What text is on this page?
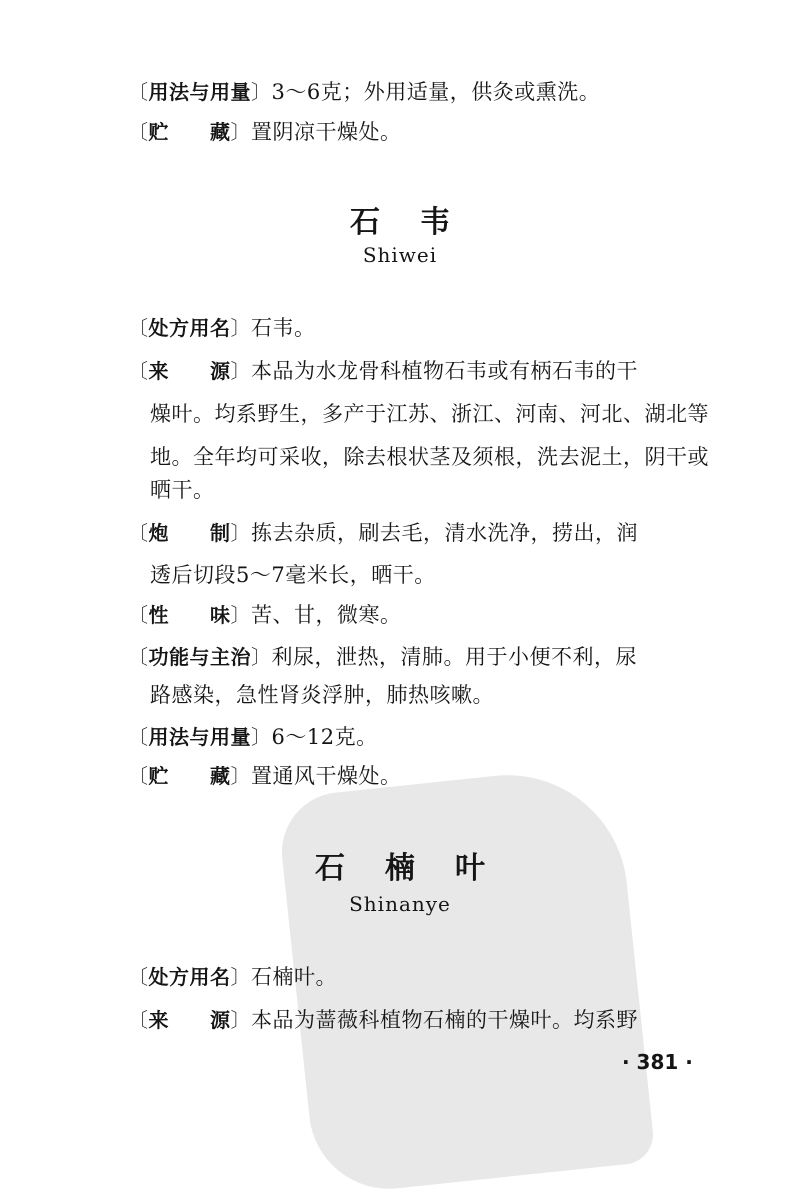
〔用法与用量〕3～6克；外用适量，供灸或熏洗。
〔贮　　藏〕置阴凉干燥处。
石韦
Shiwei
〔处方用名〕石韦。
〔来　　源〕本品为水龙骨科植物石韦或有柄石韦的干
燥叶。均系野生，多产于江苏、浙江、河南、河北、湖北等
地。全年均可采收，除去根状茎及须根，洗去泥土，阴干或
晒干。
〔炮　　制〕拣去杂质，刷去毛，清水洗净，捞出，润
透后切段5～7毫米长，晒干。
〔性　　味〕苦、甘，微寒。
〔功能与主治〕利尿，泄热，清肺。用于小便不利，尿
路感染，急性肾炎浮肿，肺热咳嗽。
〔用法与用量〕6～12克。
〔贮　　藏〕置通风干燥处。
石楠叶
Shinanye
〔处方用名〕石楠叶。
〔来　　源〕本品为蔷薇科植物石楠的干燥叶。均系野
· 381 ·
